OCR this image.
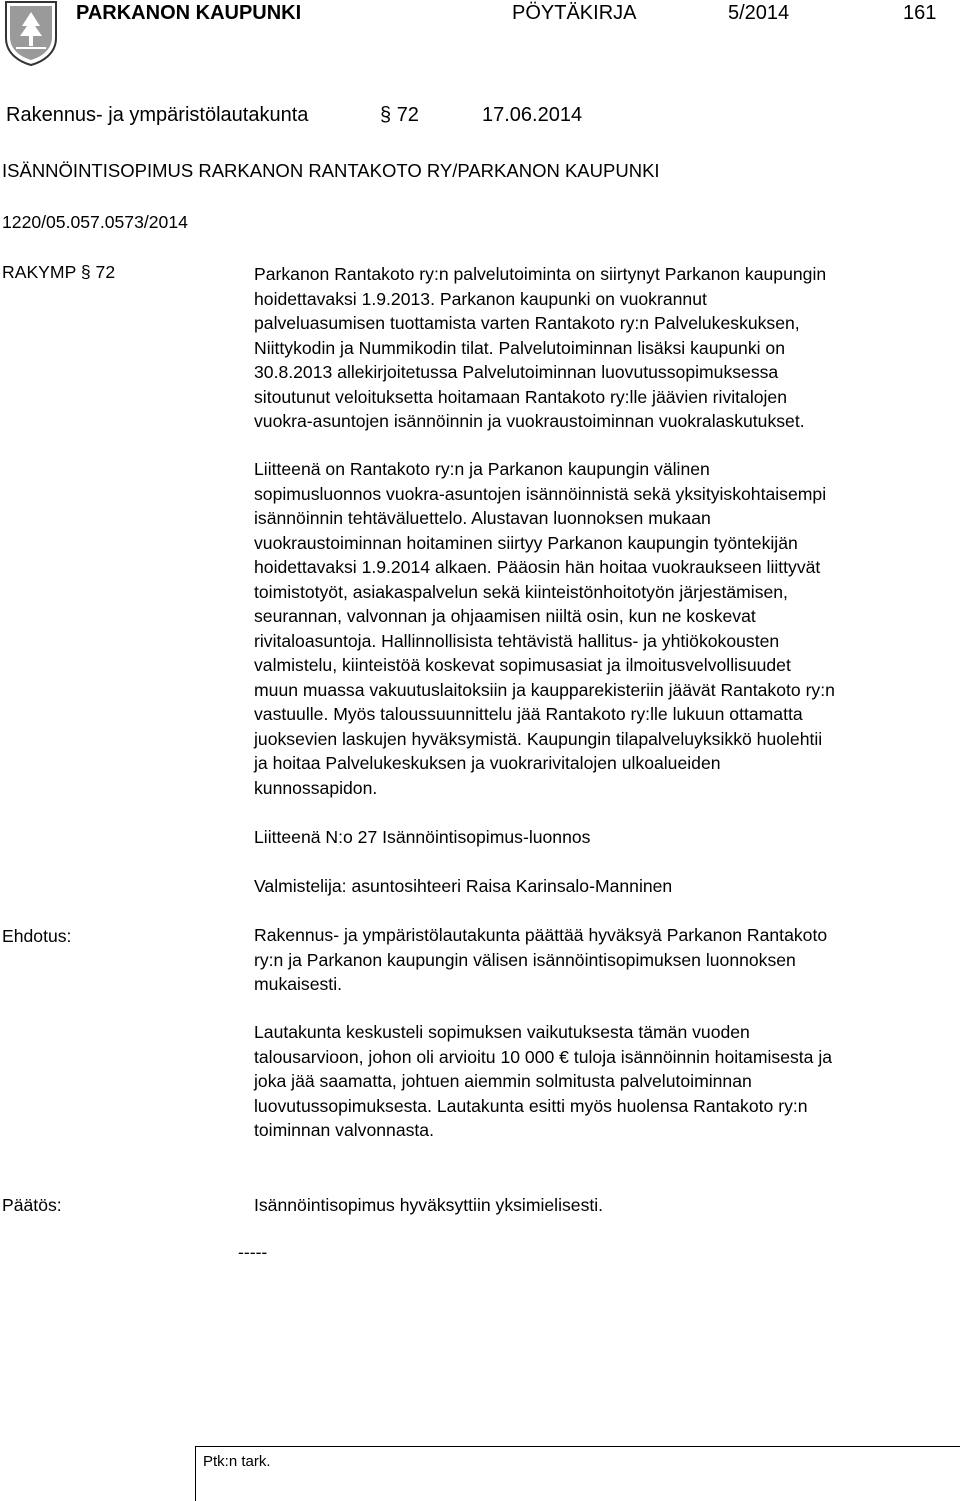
PARKANON KAUPUNKI	PÖYTÄKIRJA	5/2014	161
Rakennus- ja ympäristölautakunta	§ 72	17.06.2014
ISÄNNÖINTISOPIMUS RARKANON RANTAKOTO RY/PARKANON KAUPUNKI
1220/05.057.0573/2014
RAKYMP § 72	Parkanon Rantakoto ry:n palvelutoiminta on siirtynyt Parkanon kaupungin
hoidettavaksi 1.9.2013. Parkanon kaupunki on vuokrannut
palveluasumisen tuottamista varten Rantakoto ry:n Palvelukeskuksen,
Niittykodin ja Nummikodin tilat. Palvelutoiminnan lisäksi kaupunki on
30.8.2013 allekirjoitetussa Palvelutoiminnan luovutussopimuksessa
sitoutunut veloituksetta hoitamaan Rantakoto ry:lle jäävien rivitalojen
vuokra-asuntojen isännöinnin ja vuokraustoiminnan vuokralaskutukset.
Liitteenä on Rantakoto ry:n ja Parkanon kaupungin välinen
sopimusluonnos vuokra-asuntojen isännöinnistä sekä yksityiskohtaisempi
isännöinnin tehtäväluettelo. Alustavan luonnoksen mukaan
vuokraustoiminnan hoitaminen siirtyy Parkanon kaupungin työntekijän
hoidettavaksi 1.9.2014 alkaen. Pääosin hän hoitaa vuokraukseen liittyvät
toimistotyöt, asiakaspalvelun sekä kiinteistönhoitotyön järjestämisen,
seurannan, valvonnan ja ohjaamisen niiltä osin, kun ne koskevat
rivitaloasuntoja. Hallinnollisista tehtävistä hallitus- ja yhtiökokousten
valmistelu, kiinteistöä koskevat sopimusasiat ja ilmoitusvelvollisuudet
muun muassa vakuutuslaitoksiin ja kaupparekisteriin jäävät Rantakoto ry:n
vastuulle. Myös taloussuunnittelu jää Rantakoto ry:lle lukuun ottamatta
juoksevien laskujen hyväksymistä. Kaupungin tilapalveluyksikkö huolehtii
ja hoitaa Palvelukeskuksen ja vuokrarivitalojen ulkoalueiden
kunnossapidon.
Liitteenä N:o 27 Isännöintisopimus-luonnos
Valmistelija: asuntosihteeri Raisa Karinsalo-Manninen
Ehdotus:	Rakennus- ja ympäristölautakunta päättää hyväksyä Parkanon Rantakoto
ry:n ja Parkanon kaupungin välisen isännöintisopimuksen luonnoksen
mukaisesti.
Lautakunta keskusteli sopimuksen vaikutuksesta tämän vuoden
talousarvioon, johon oli arvioitu 10 000 € tuloja isännöinnin hoitamisesta ja
joka jää saamatta, johtuen aiemmin solmitusta palvelutoiminnan
luovutussopimuksesta. Lautakunta esitti myös huolensa Rantakoto ry:n
toiminnan valvonnasta.
Päätös:	Isännöintisopimus hyväksyttiin yksimielisesti.
-----
Ptk:n tark.
